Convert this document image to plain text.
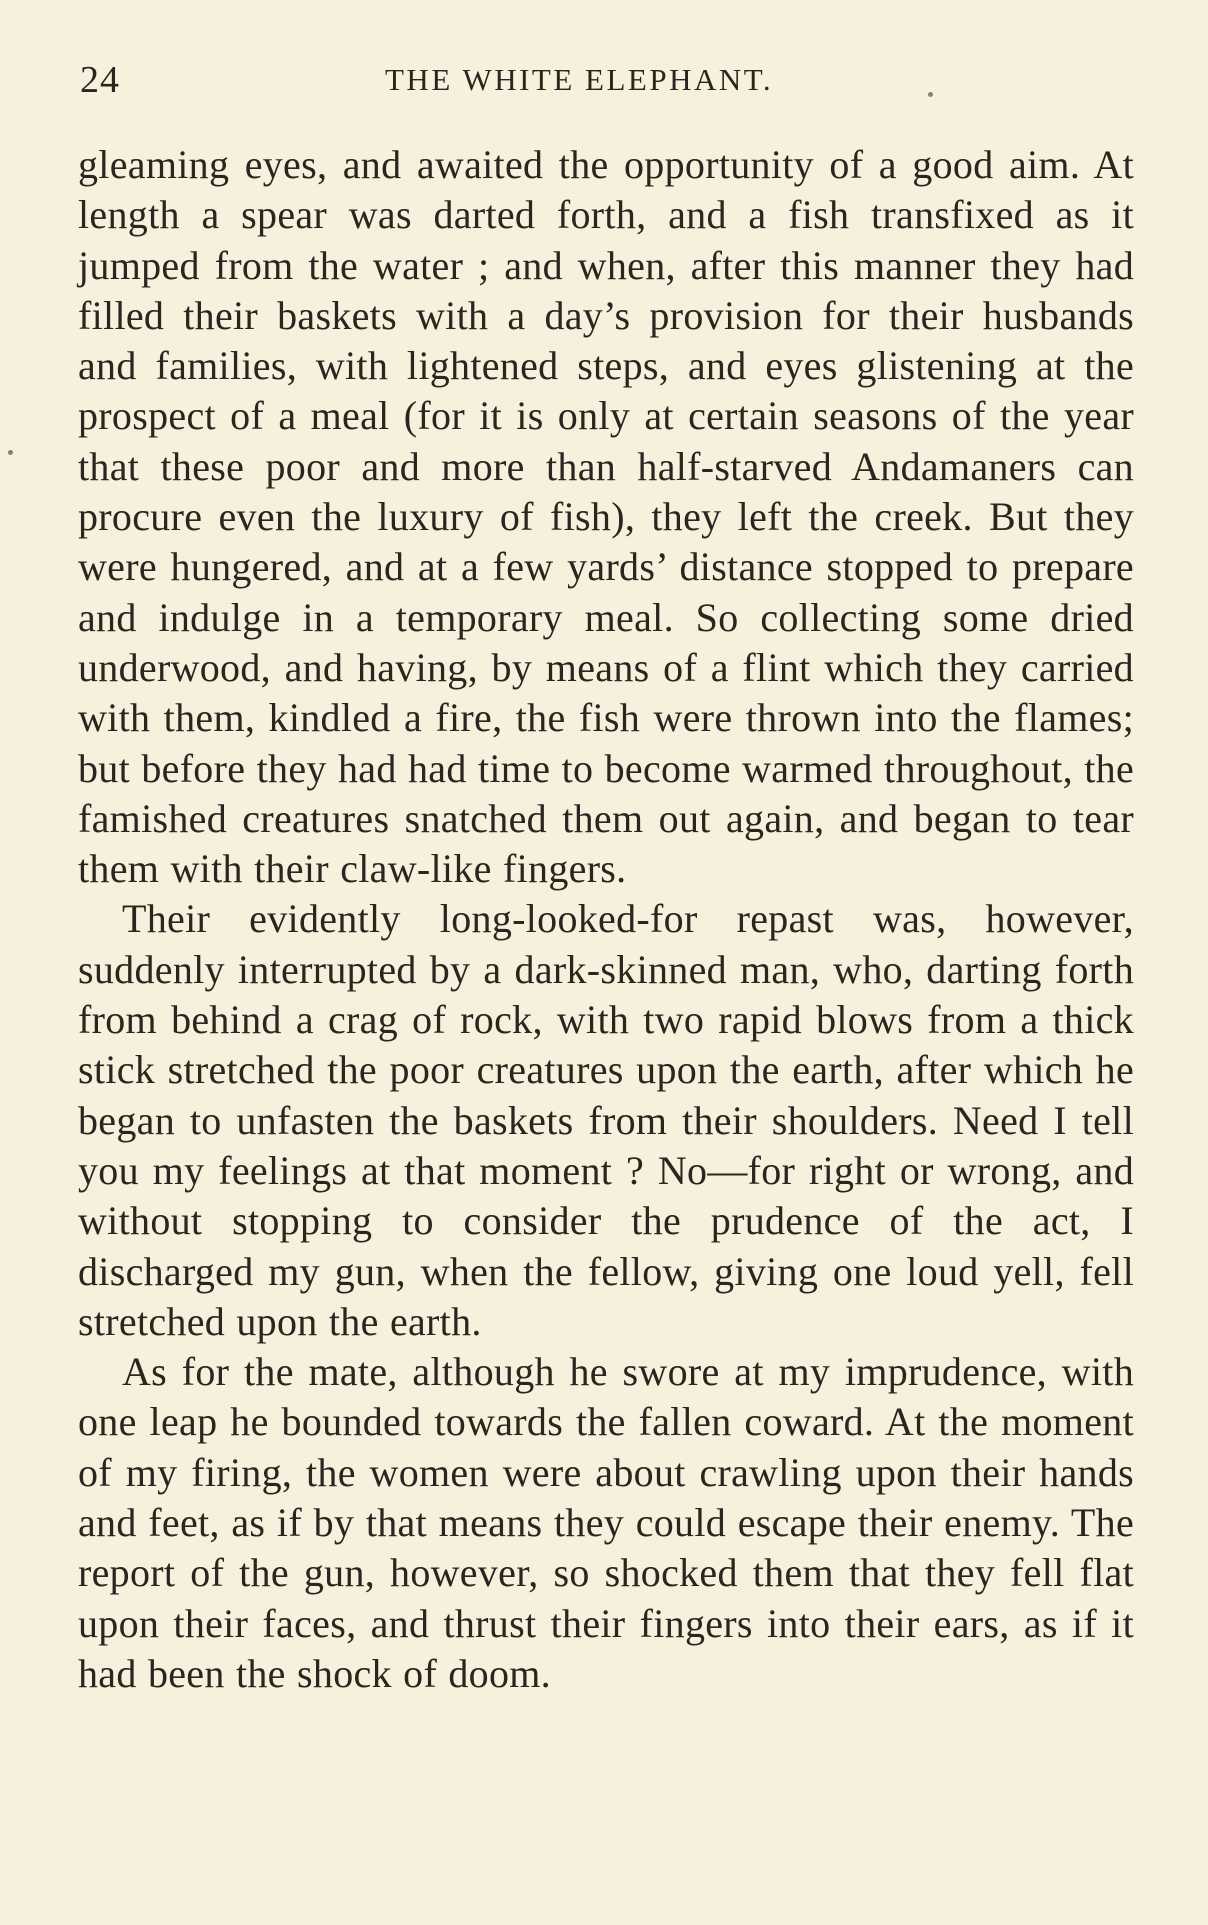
24	THE WHITE ELEPHANT.

gleaming eyes, and awaited the opportunity of a good aim. At length a spear was darted forth, and a fish transfixed as it jumped from the water ; and when, after this manner they had filled their baskets with a day’s provision for their husbands and families, with lightened steps, and eyes glistening at the prospect of a meal (for it is only at certain seasons of the year that these poor and more than half-starved Andamaners can procure even the luxury of fish), they left the creek. But they were hungered, and at a few yards’ distance stopped to prepare and indulge in a temporary meal. So collecting some dried underwood, and having, by means of a flint which they carried with them, kindled a fire, the fish were thrown into the flames; but before they had had time to become warmed throughout, the famished creatures snatched them out again, and began to tear them with their claw-like fingers.

Their evidently long-looked-for repast was, however, suddenly interrupted by a dark-skinned man, who, darting forth from behind a crag of rock, with two rapid blows from a thick stick stretched the poor creatures upon the earth, after which he began to unfasten the baskets from their shoulders. Need I tell you my feelings at that moment ? No—for right or wrong, and without stopping to consider the prudence of the act, I discharged my gun, when the fellow, giving one loud yell, fell stretched upon the earth.

As for the mate, although he swore at my imprudence, with one leap he bounded towards the fallen coward. At the moment of my firing, the women were about crawling upon their hands and feet, as if by that means they could escape their enemy. The report of the gun, however, so shocked them that they fell flat upon their faces, and thrust their fingers into their ears, as if it had been the shock of doom.
